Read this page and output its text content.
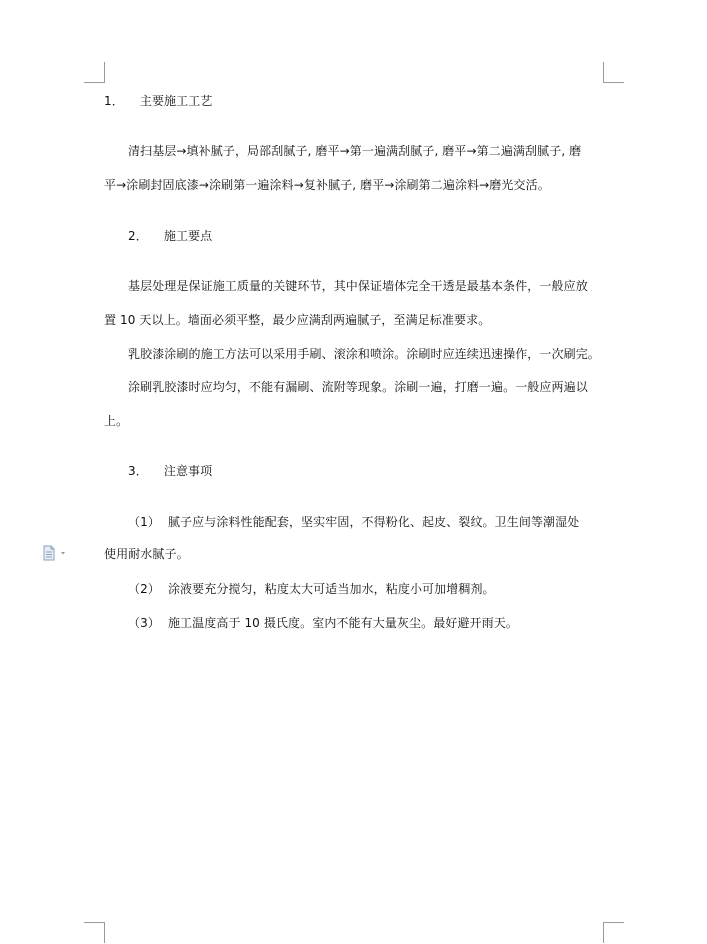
1． 主要施工工艺
清扫基层→填补腻子，局部刮腻子, 磨平→第一遍满刮腻子, 磨平→第二遍满刮腻子, 磨
平→涂刷封固底漆→涂刷第一遍涂料→复补腻子, 磨平→涂刷第二遍涂料→磨光交活。
2． 施工要点
基层处理是保证施工质量的关键环节，其中保证墙体完全干透是最基本条件，一般应放
置 10 天以上。墙面必须平整，最少应满刮两遍腻子，至满足标准要求。
乳胶漆涂刷的施工方法可以采用手刷、滚涂和喷涂。涂刷时应连续迅速操作，一次刷完。
涂刷乳胶漆时应均匀，不能有漏刷、流附等现象。涂刷一遍，打磨一遍。一般应两遍以
上。
3． 注意事项
（1） 腻子应与涂料性能配套，坚实牢固，不得粉化、起皮、裂纹。卫生间等潮湿处
使用耐水腻子。
（2） 涂液要充分搅匀，粘度太大可适当加水，粘度小可加增稠剂。
（3） 施工温度高于 10 摄氏度。室内不能有大量灰尘。最好避开雨天。
